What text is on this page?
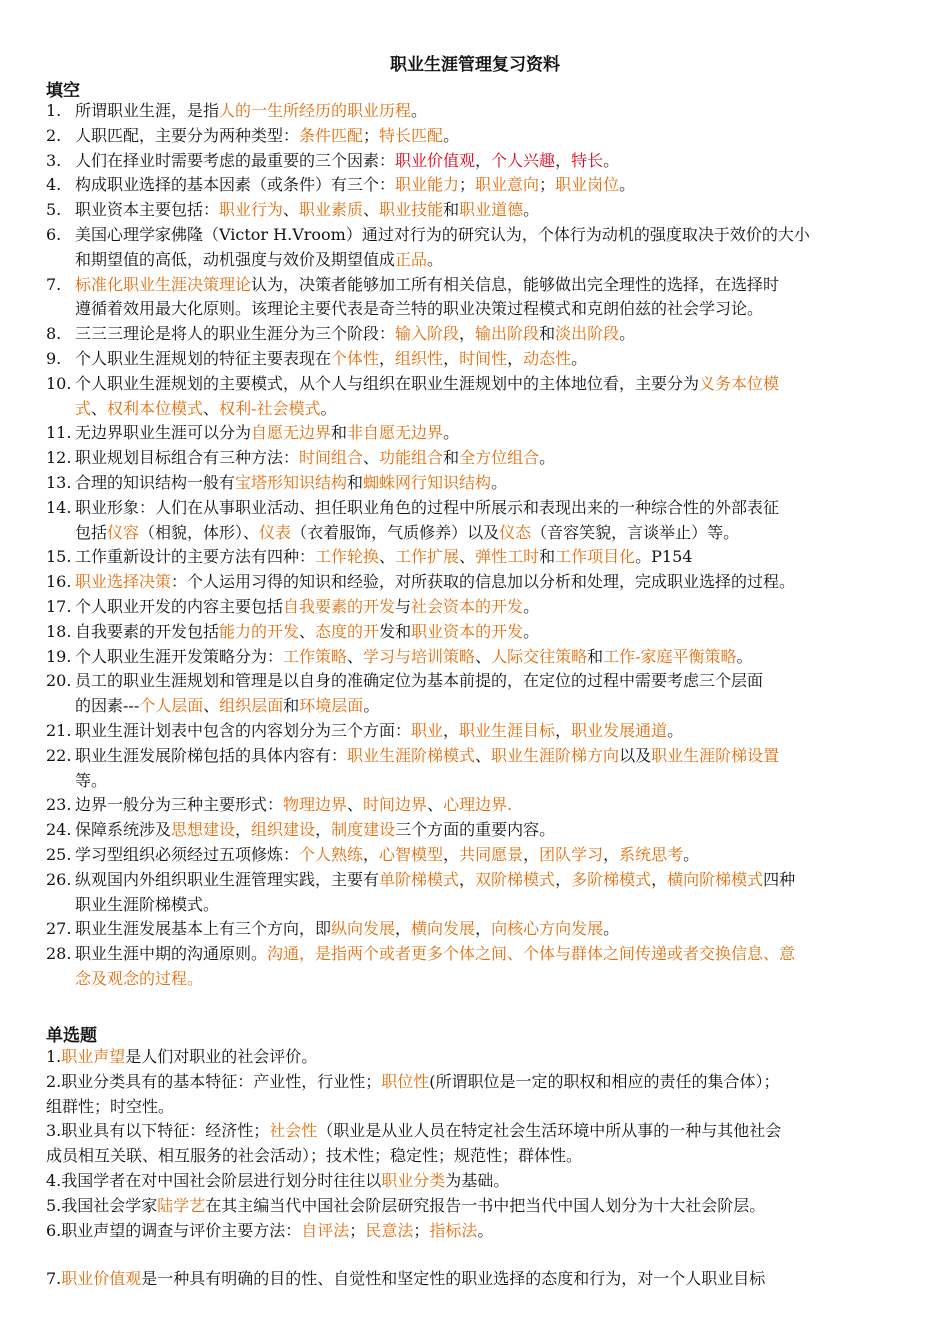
职业生涯管理复习资料
填空
1. 所谓职业生涯，是指人的一生所经历的职业历程。
2. 人职匹配，主要分为两种类型：条件匹配；特长匹配。
3. 人们在择业时需要考虑的最重要的三个因素：职业价值观，个人兴趣，特长。
4. 构成职业选择的基本因素（或条件）有三个：职业能力；职业意向；职业岗位。
5. 职业资本主要包括：职业行为、职业素质、职业技能和职业道德。
6. 美国心理学家佛隆（Victor H.Vroom）通过对行为的研究认为，个体行为动机的强度取决于效价的大小
和期望值的高低，动机强度与效价及期望值成正品。
7. 标准化职业生涯决策理论认为，决策者能够加工所有相关信息，能够做出完全理性的选择，在选择时
遵循着效用最大化原则。该理论主要代表是奇兰特的职业决策过程模式和克朗伯兹的社会学习论。
8. 三三三理论是将人的职业生涯分为三个阶段：输入阶段，输出阶段和淡出阶段。
9. 个人职业生涯规划的特征主要表现在个体性，组织性，时间性，动态性。
10. 个人职业生涯规划的主要模式，从个人与组织在职业生涯规划中的主体地位看，主要分为义务本位模
式、权利本位模式、权利-社会模式。
11. 无边界职业生涯可以分为自愿无边界和非自愿无边界。
12. 职业规划目标组合有三种方法：时间组合、功能组合和全方位组合。
13. 合理的知识结构一般有宝塔形知识结构和蜘蛛网行知识结构。
14. 职业形象：人们在从事职业活动、担任职业角色的过程中所展示和表现出来的一种综合性的外部表征
包括仪容（相貌，体形）、仪表（衣着服饰，气质修养）以及仪态（音容笑貌，言谈举止）等。
15. 工作重新设计的主要方法有四种：工作轮换、工作扩展、弹性工时和工作项目化。P154
16. 职业选择决策：个人运用习得的知识和经验，对所获取的信息加以分析和处理，完成职业选择的过程。
17. 个人职业开发的内容主要包括自我要素的开发与社会资本的开发。
18. 自我要素的开发包括能力的开发、态度的开发和职业资本的开发。
19. 个人职业生涯开发策略分为：工作策略、学习与培训策略、人际交往策略和工作-家庭平衡策略。
20. 员工的职业生涯规划和管理是以自身的准确定位为基本前提的，在定位的过程中需要考虑三个层面
的因素---个人层面、组织层面和环境层面。
21. 职业生涯计划表中包含的内容划分为三个方面：职业，职业生涯目标，职业发展通道。
22. 职业生涯发展阶梯包括的具体内容有：职业生涯阶梯模式、职业生涯阶梯方向以及职业生涯阶梯设置
等。
23. 边界一般分为三种主要形式：物理边界、时间边界、心理边界.
24. 保障系统涉及思想建设，组织建设，制度建设三个方面的重要内容。
25. 学习型组织必须经过五项修炼：个人熟练，心智模型，共同愿景，团队学习，系统思考。
26. 纵观国内外组织职业生涯管理实践，主要有单阶梯模式，双阶梯模式，多阶梯模式，横向阶梯模式四种
职业生涯阶梯模式。
27. 职业生涯发展基本上有三个方向，即纵向发展，横向发展，向核心方向发展。
28. 职业生涯中期的沟通原则。沟通，是指两个或者更多个体之间、个体与群体之间传递或者交换信息、意
念及观念的过程。
单选题
1.职业声望是人们对职业的社会评价。
2.职业分类具有的基本特征：产业性，行业性；职位性(所谓职位是一定的职权和相应的责任的集合体）；
组群性；时空性。
3.职业具有以下特征：经济性；社会性（职业是从业人员在特定社会生活环境中所从事的一种与其他社会
成员相互关联、相互服务的社会活动）；技术性；稳定性；规范性；群体性。
4.我国学者在对中国社会阶层进行划分时往往以职业分类为基础。
5.我国社会学家陆学艺在其主编当代中国社会阶层研究报告一书中把当代中国人划分为十大社会阶层。
6.职业声望的调查与评价主要方法：自评法；民意法；指标法。
7.职业价值观是一种具有明确的目的性、自觉性和坚定性的职业选择的态度和行为，对一个人职业目标
